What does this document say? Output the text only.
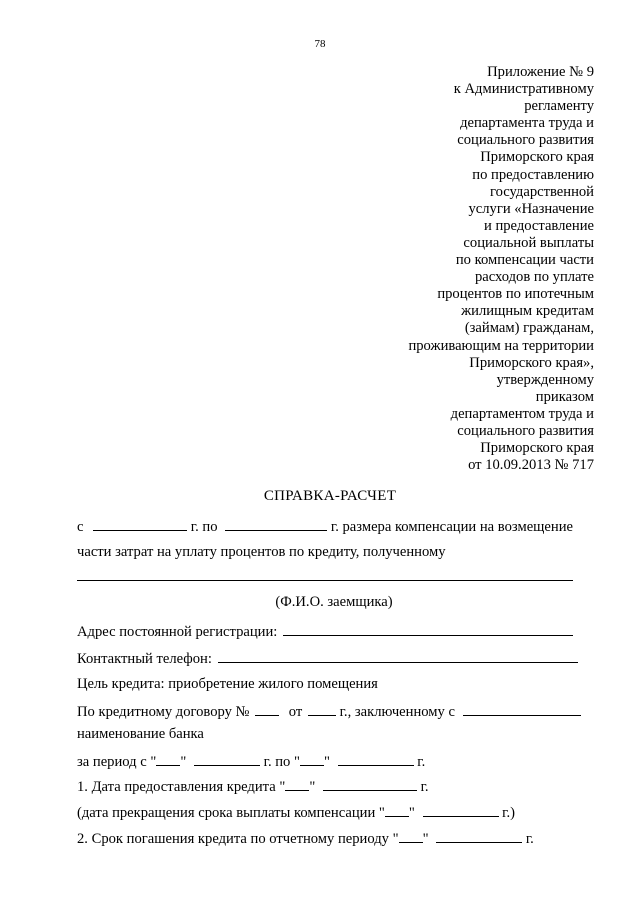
78
Приложение № 9
к Административному
регламенту
департамента труда и
социального развития
Приморского края
по предоставлению
государственной
услуги «Назначение
и предоставление
социальной выплаты
по компенсации части
расходов по уплате
процентов по ипотечным
жилищным кредитам
(займам) гражданам,
проживающим на территории
Приморского края»,
утвержденному
приказом
департаментом труда и
социального развития
Приморского края
от 10.09.2013 № 717
СПРАВКА-РАСЧЕТ
с	г. по	г. размера компенсации на возмещение
части затрат на уплату процентов по кредиту, полученному
(Ф.И.О. заемщика)
Адрес постоянной регистрации:
Контактный телефон:
Цель кредита: приобретение жилого помещения
По кредитному договору №	от	г., заключенному с
наименование банка
за период с " "	г. по " "	г.
1. Дата предоставления кредита " "	г.
(дата прекращения срока выплаты компенсации " "	г.)
2. Срок погашения кредита по отчетному периоду " "	г.
